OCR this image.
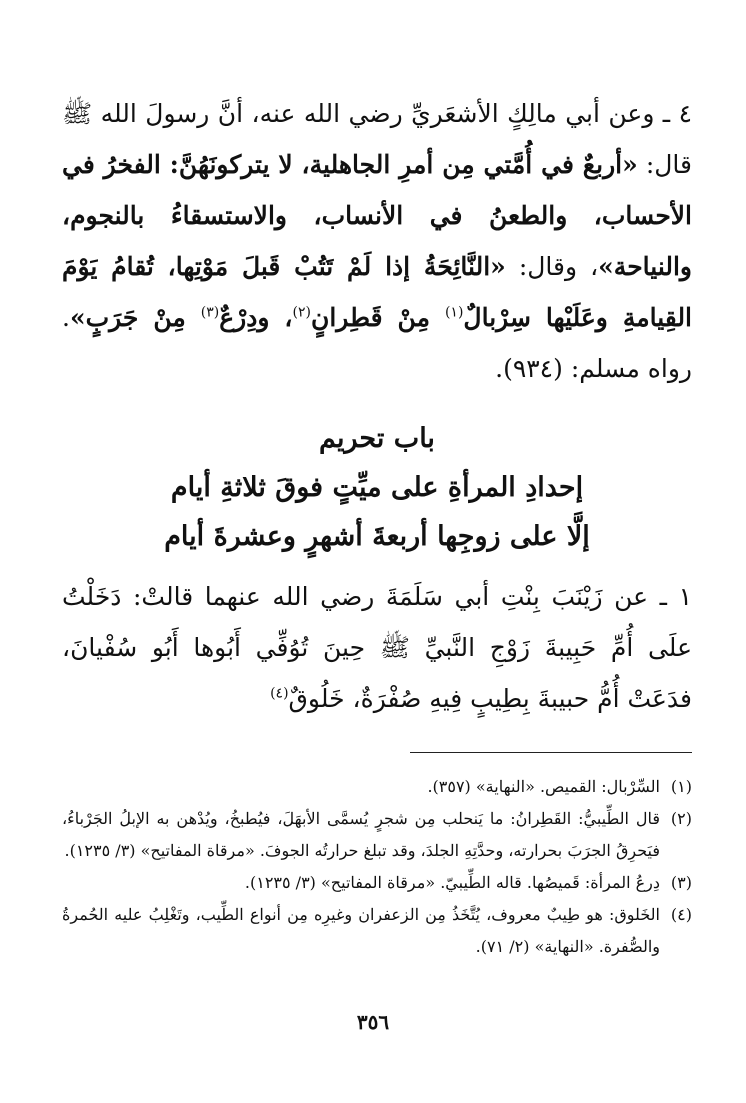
٤ ـ وعن أبي مالِكٍ الأشعَريِّ رضي الله عنه، أنَّ رسولَ الله ﷺ قال: «أربعٌ في أُمَّتي مِن أمرِ الجاهلية، لا يتركونَهُنَّ: الفخرُ في الأحساب، والطعنُ في الأنساب، والاستسقاءُ بالنجوم، والنياحة»، وقال: «النَّائِحَةُ إذا لَمْ تَتُبْ قَبلَ مَوْتِها، تُقامُ يَوْمَ القِيامةِ وعَلَيْها سِرْبالٌ$^{(١)}$ مِنْ قَطِرانٍ$^{(٢)}$، ودِرْعٌ$^{(٣)}$ مِنْ جَرَبٍ». رواه مسلم: (٩٣٤).

باب تحريم
إحدادِ المرأةِ على ميِّتٍ فوقَ ثلاثةِ أيام
إلَّا على زوجِها أربعةَ أشهرٍ وعشرةَ أيام

١ ـ عن زَيْنَبَ بِنْتِ أبي سَلَمَةَ رضي الله عنهما قالتْ: دَخَلْتُ علَى أُمِّ حَبِيبةَ زَوْجِ النَّبيِّ ﷺ حِينَ تُوُفِّي أَبُوها أَبُو سُفْيانَ، فدَعَتْ أُمُّ حبيبةَ بِطِيبٍ فِيهِ صُفْرَةٌ، خَلُوقٌ$^{(٤)}$

(١)
السِّرْبال: القميص. «النهاية» (٣٥٧).
(٢)
قال الطِّيبيُّ: القَطِرانُ: ما يَنحلب مِن شجرٍ يُسمَّى الأبهَلَ، فيُطبخُ، ويُدْهن به الإبلُ الجَرْباءُ، فيَحرِقُ الجرَبَ بحرارته، وحدَّتِهِ الجلدَ، وقد تبلغ حرارتُه الجوفَ. «مرقاة المفاتيح» (٣/ ١٢٣٥).
(٣)
دِرعُ المرأة: قَميصُها. قاله الطِّيبيّ. «مرقاة المفاتيح» (٣/ ١٢٣٥).
(٤)
الخَلوق: هو طِيبٌ معروف، يُتَّخَذُ مِن الزعفران وغيرِه مِن أنواع الطِّيب، وتَغْلِبُ عليه الحُمرةُ والصُّفرة. «النهاية» (٢/ ٧١).
٣٥٦
